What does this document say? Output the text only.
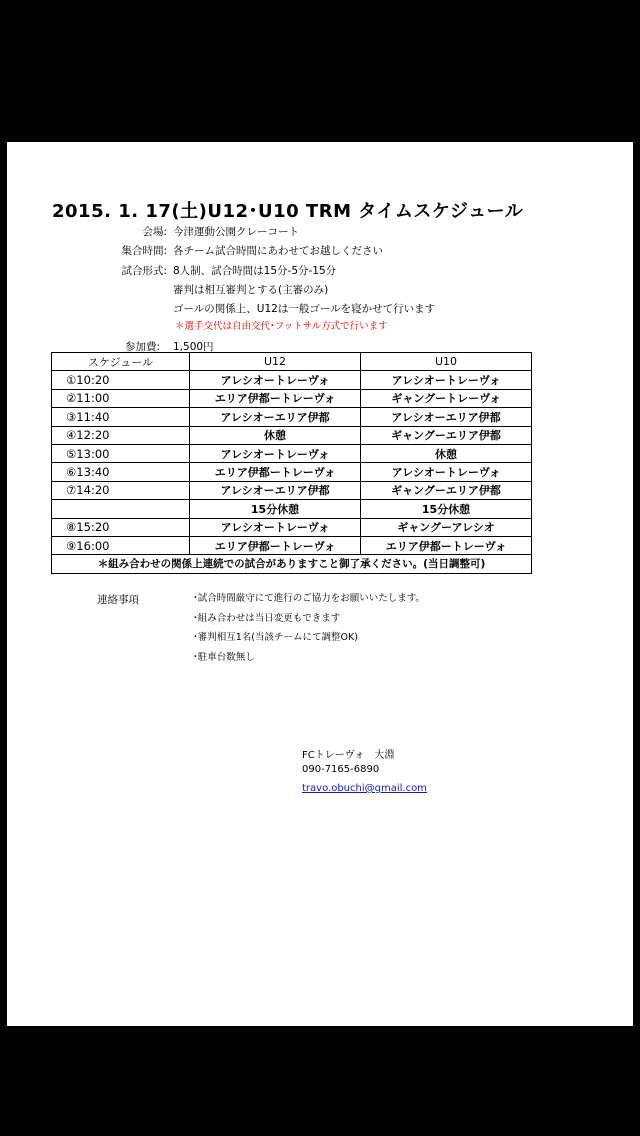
2015. 1. 17(土)U12･U10 TRM タイムスケジュール
会場: 今津運動公園クレーコート
集合時間: 各チーム試合時間にあわせてお越しください
試合形式: 8人制、試合時間は15分-5分-15分
審判は相互審判とする(主審のみ)
ゴールの関係上、U12は一般ゴールを寝かせて行います
＊選手交代は自由交代･フットサル方式で行います
参加費: 1,500円
スケジュール	U12	U10
①10:20	アレシオートレーヴォ	アレシオートレーヴォ
②11:00	エリア伊都ートレーヴォ	ギャングートレーヴォ
③11:40	アレシオーエリア伊都	アレシオーエリア伊都
④12:20	休憩	ギャングーエリア伊都
⑤13:00	アレシオートレーヴォ	休憩
⑥13:40	エリア伊都ートレーヴォ	アレシオートレーヴォ
⑦14:20	アレシオーエリア伊都	ギャングーエリア伊都
	15分休憩	15分休憩
⑧15:20	アレシオートレーヴォ	ギャングーアレシオ
⑨16:00	エリア伊都ートレーヴォ	エリア伊都ートレーヴォ
＊組み合わせの関係上連続での試合がありますこと御了承ください。(当日調整可)		
連絡事項	･試合時間厳守にて進行のご協力をお願いいたします。
･組み合わせは当日変更もできます
･審判相互1名(当該チームにて調整OK)
･駐車台数無し
FCトレーヴォ　大淵
090-7165-6890
travo.obuchi@gmail.com
